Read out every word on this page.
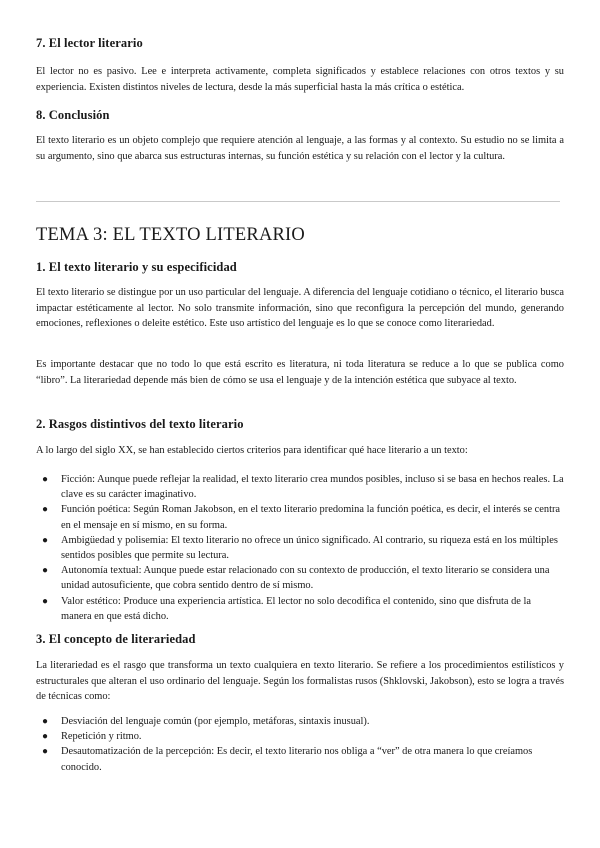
7. El lector literario

El lector no es pasivo. Lee e interpreta activamente, completa significados y establece relaciones con otros textos y su experiencia. Existen distintos niveles de lectura, desde la más superficial hasta la más crítica o estética.

8. Conclusión

El texto literario es un objeto complejo que requiere atención al lenguaje, a las formas y al contexto. Su estudio no se limita a su argumento, sino que abarca sus estructuras internas, su función estética y su relación con el lector y la cultura.

TEMA 3: EL TEXTO LITERARIO
1. El texto literario y su especificidad

El texto literario se distingue por un uso particular del lenguaje. A diferencia del lenguaje cotidiano o técnico, el literario busca impactar estéticamente al lector. No solo transmite información, sino que reconfigura la percepción del mundo, generando emociones, reflexiones o deleite estético. Este uso artístico del lenguaje es lo que se conoce como literariedad.

Es importante destacar que no todo lo que está escrito es literatura, ni toda literatura se reduce a lo que se publica como “libro”. La literariedad depende más bien de cómo se usa el lenguaje y de la intención estética que subyace al texto.

2. Rasgos distintivos del texto literario

A lo largo del siglo XX, se han establecido ciertos criterios para identificar qué hace literario a un texto:

● Ficción: Aunque puede reflejar la realidad, el texto literario crea mundos posibles, incluso si se basa en hechos reales. La clave es su carácter imaginativo.
● Función poética: Según Roman Jakobson, en el texto literario predomina la función poética, es decir, el interés se centra en el mensaje en sí mismo, en su forma.
● Ambigüedad y polisemia: El texto literario no ofrece un único significado. Al contrario, su riqueza está en los múltiples sentidos posibles que permite su lectura.
● Autonomía textual: Aunque puede estar relacionado con su contexto de producción, el texto literario se considera una unidad autosuficiente, que cobra sentido dentro de sí mismo.
● Valor estético: Produce una experiencia artística. El lector no solo decodifica el contenido, sino que disfruta de la manera en que está dicho.
3. El concepto de literariedad

La literariedad es el rasgo que transforma un texto cualquiera en texto literario. Se refiere a los procedimientos estilísticos y estructurales que alteran el uso ordinario del lenguaje. Según los formalistas rusos (Shklovski, Jakobson), esto se logra a través de técnicas como:

● Desviación del lenguaje común (por ejemplo, metáforas, sintaxis inusual).
● Repetición y ritmo.
● Desautomatización de la percepción: Es decir, el texto literario nos obliga a “ver” de otra manera lo que creíamos conocido.
